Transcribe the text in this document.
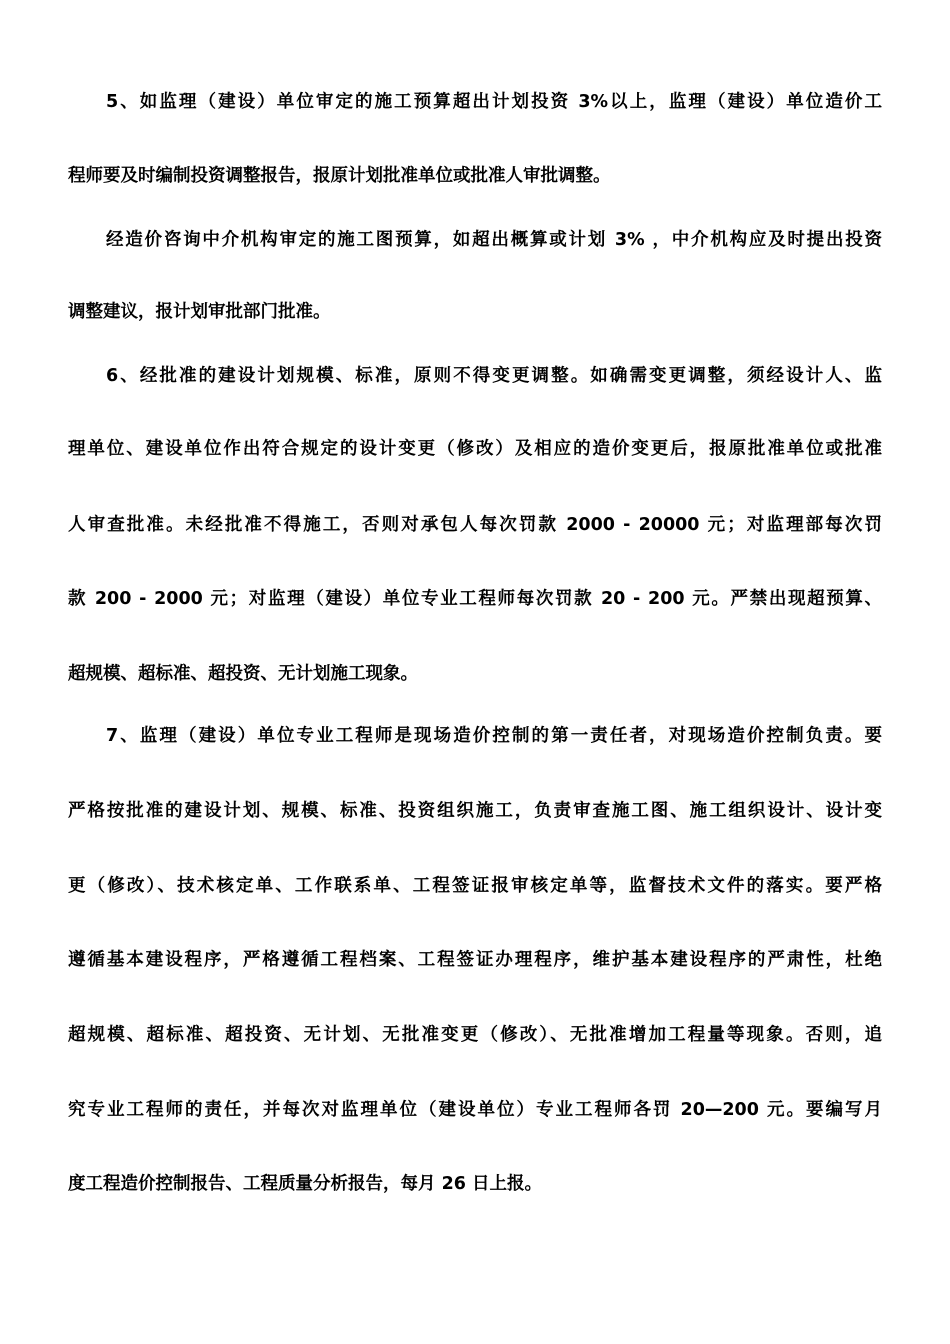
5、如监理（建设）单位审定的施工预算超出计划投资 3%以上，监理（建设）单位造价工
程师要及时编制投资调整报告，报原计划批准单位或批准人审批调整。
经造价咨询中介机构审定的施工图预算，如超出概算或计划 3% ，中介机构应及时提出投资
调整建议，报计划审批部门批准。
6、经批准的建设计划规模、标准，原则不得变更调整。如确需变更调整，须经设计人、监
理单位、建设单位作出符合规定的设计变更（修改）及相应的造价变更后，报原批准单位或批准
人审查批准。未经批准不得施工，否则对承包人每次罚款 2000 - 20000 元；对监理部每次罚
款 200 - 2000 元；对监理（建设）单位专业工程师每次罚款 20 - 200 元。严禁出现超预算、
超规模、超标准、超投资、无计划施工现象。
7、监理（建设）单位专业工程师是现场造价控制的第一责任者，对现场造价控制负责。要
严格按批准的建设计划、规模、标准、投资组织施工，负责审查施工图、施工组织设计、设计变
更（修改）、技术核定单、工作联系单、工程签证报审核定单等，监督技术文件的落实。要严格
遵循基本建设程序，严格遵循工程档案、工程签证办理程序，维护基本建设程序的严肃性，杜绝
超规模、超标准、超投资、无计划、无批准变更（修改）、无批准增加工程量等现象。否则，追
究专业工程师的责任，并每次对监理单位（建设单位）专业工程师各罚 20—200 元。要编写月
度工程造价控制报告、工程质量分析报告，每月 26 日上报。
